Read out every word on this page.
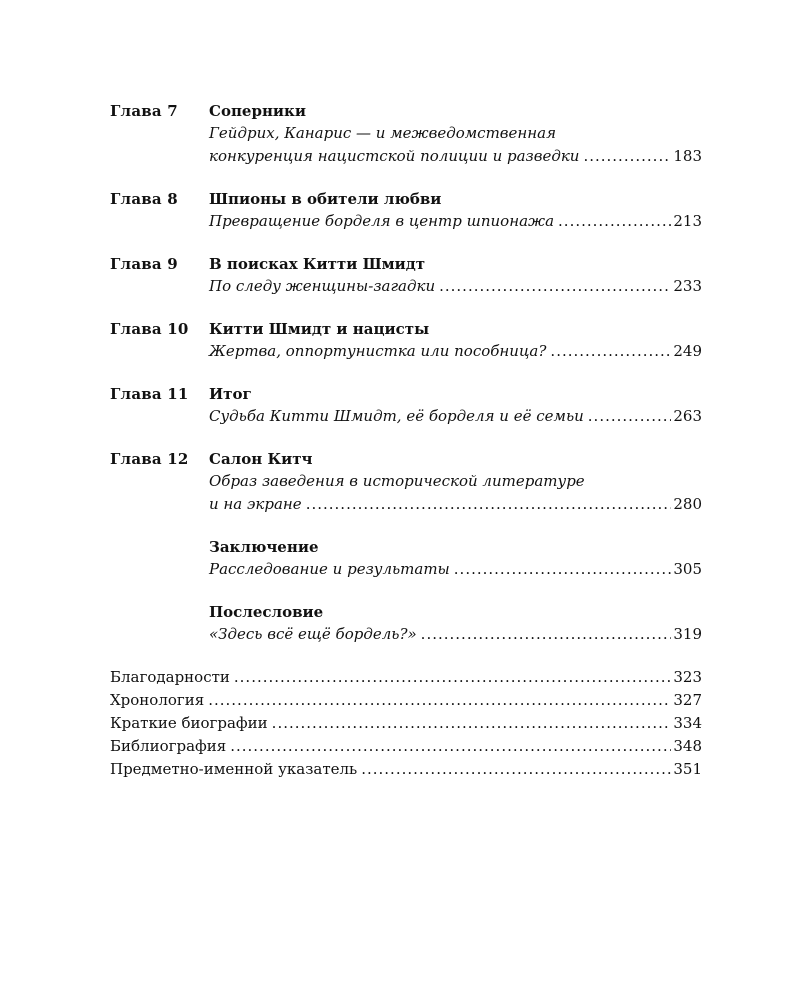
Глава 7 Соперники
Гейдрих, Канарис — и межведомственная
конкуренция нацистской полиции и разведки .....	183
Глава 8 Шпионы в обители любви
Превращение борделя в центр шпионажа .....	213
Глава 9 В поисках Китти Шмидт
По следу женщины-загадки .....	233
Глава 10 Китти Шмидт и нацисты
Жертва, оппортунистка или пособница? .....	249
Глава 11 Итог
Судьба Китти Шмидт, её борделя и её семьи .....	263
Глава 12 Салон Китч
Образ заведения в исторической литературе
и на экране .....	280
Заключение
Расследование и результаты .....	305
Послесловие
«Здесь всё ещё бордель?» .....	319
Благодарности .....	323
Хронология .....	327
Краткие биографии .....	334
Библиография .....	348
Предметно-именной указатель .....	351
